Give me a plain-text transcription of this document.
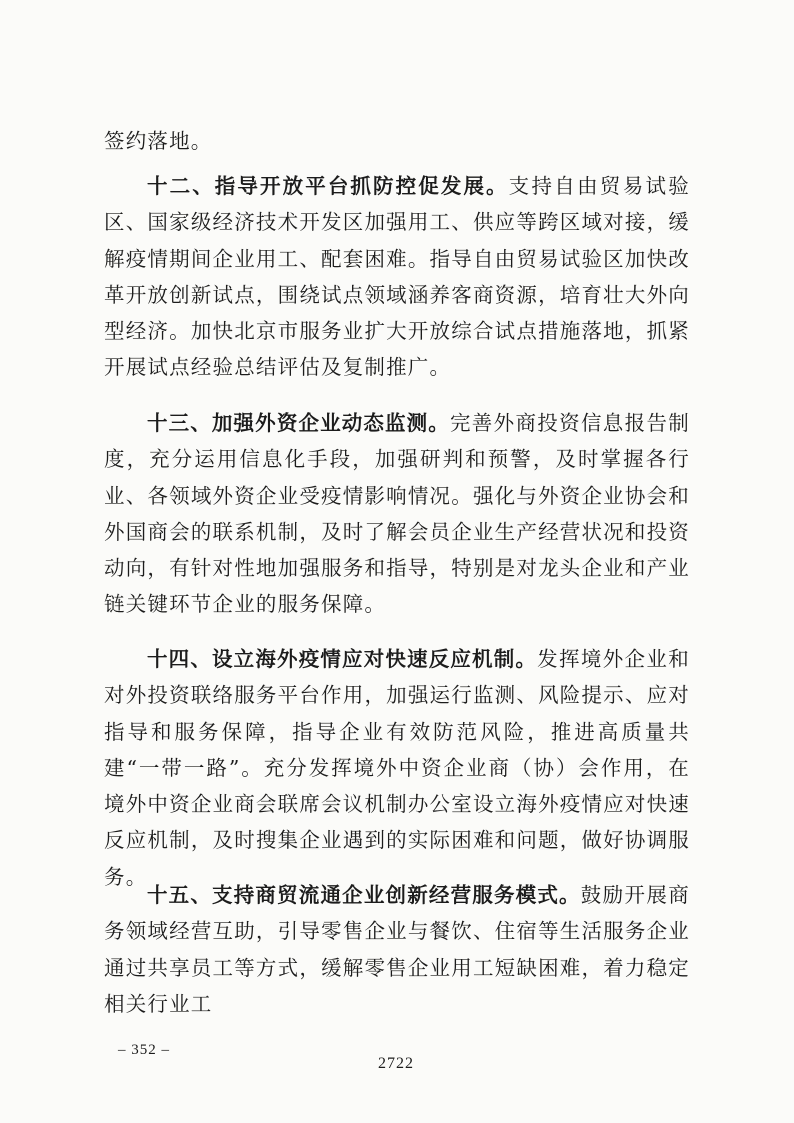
签约落地。

十二、指导开放平台抓防控促发展。支持自由贸易试验区、国家级经济技术开发区加强用工、供应等跨区域对接，缓解疫情期间企业用工、配套困难。指导自由贸易试验区加快改革开放创新试点，围绕试点领域涵养客商资源，培育壮大外向型经济。加快北京市服务业扩大开放综合试点措施落地，抓紧开展试点经验总结评估及复制推广。

十三、加强外资企业动态监测。完善外商投资信息报告制度，充分运用信息化手段，加强研判和预警，及时掌握各行业、各领域外资企业受疫情影响情况。强化与外资企业协会和外国商会的联系机制，及时了解会员企业生产经营状况和投资动向，有针对性地加强服务和指导，特别是对龙头企业和产业链关键环节企业的服务保障。

十四、设立海外疫情应对快速反应机制。发挥境外企业和对外投资联络服务平台作用，加强运行监测、风险提示、应对指导和服务保障，指导企业有效防范风险，推进高质量共建“一带一路”。充分发挥境外中资企业商（协）会作用，在境外中资企业商会联席会议机制办公室设立海外疫情应对快速反应机制，及时搜集企业遇到的实际困难和问题，做好协调服务。

十五、支持商贸流通企业创新经营服务模式。鼓励开展商务领域经营互助，引导零售企业与餐饮、住宿等生活服务企业通过共享员工等方式，缓解零售企业用工短缺困难，着力稳定相关行业工

– 352 –
2722
